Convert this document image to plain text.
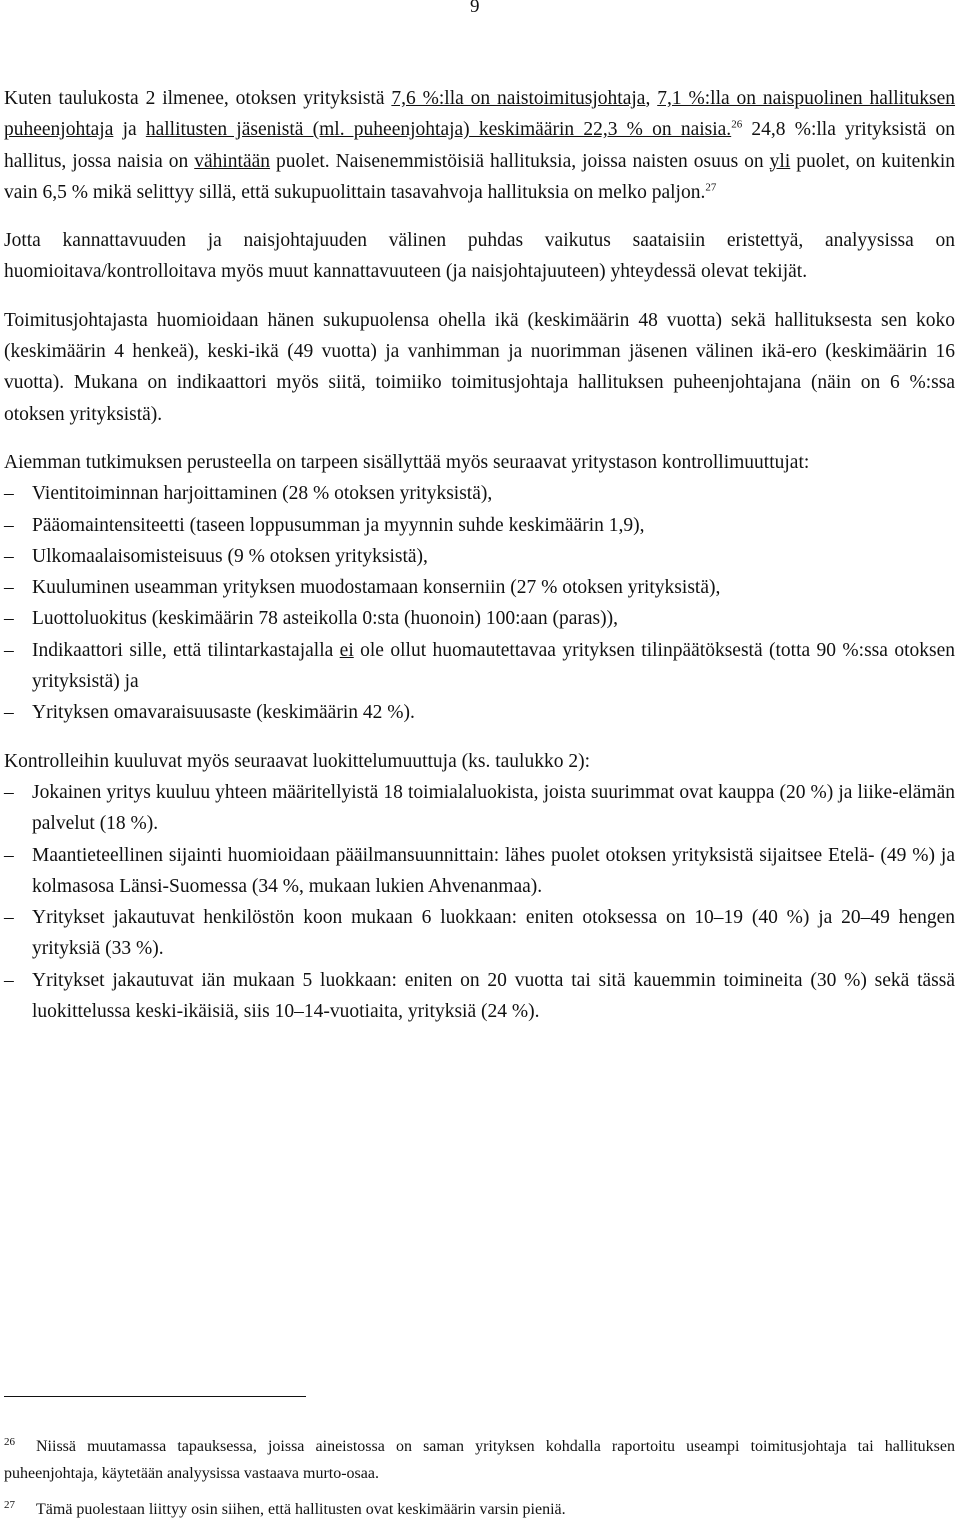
9

Kuten taulukosta 2 ilmenee, otoksen yrityksistä 7,6 %:lla on naistoimitusjohtaja, 7,1 %:lla on naispuolinen hallituksen puheenjohtaja ja hallitusten jäsenistä (ml. puheenjohtaja) keskimäärin 22,3 % on naisia.$^{26}$ 24,8 %:lla yrityksistä on hallitus, jossa naisia on vähintään puolet. Naisenemmistöisiä hallituksia, joissa naisten osuus on yli puolet, on kuitenkin vain 6,5 % mikä selittyy sillä, että sukupuolittain tasavahvoja hallituksia on melko paljon.$^{27}$

Jotta kannattavuuden ja naisjohtajuuden välinen puhdas vaikutus saataisiin eristettyä, analyysissa on huomioitava/kontrolloitava myös muut kannattavuuteen (ja naisjohtajuuteen) yhteydessä olevat tekijät.

Toimitusjohtajasta huomioidaan hänen sukupuolensa ohella ikä (keskimäärin 48 vuotta) sekä hallituksesta sen koko (keskimäärin 4 henkeä), keski-ikä (49 vuotta) ja vanhimman ja nuorimman jäsenen välinen ikä-ero (keskimäärin 16 vuotta). Mukana on indikaattori myös siitä, toimiiko toimitusjohtaja hallituksen puheenjohtajana (näin on 6 %:ssa otoksen yrityksistä).

Aiemman tutkimuksen perusteella on tarpeen sisällyttää myös seuraavat yritystason kontrollimuuttujat:

– Vientitoiminnan harjoittaminen (28 % otoksen yrityksistä),
– Pääomaintensiteetti (taseen loppusumman ja myynnin suhde keskimäärin 1,9),
– Ulkomaalaisomisteisuus (9 % otoksen yrityksistä),
– Kuuluminen useamman yrityksen muodostamaan konserniin (27 % otoksen yrityksistä),
– Luottoluokitus (keskimäärin 78 asteikolla 0:sta (huonoin) 100:aan (paras)),
– Indikaattori sille, että tilintarkastajalla ei ole ollut huomautettavaa yrityksen tilinpäätöksestä (totta 90 %:ssa otoksen yrityksistä) ja
– Yrityksen omavaraisuusaste (keskimäärin 42 %).

Kontrolleihin kuuluvat myös seuraavat luokittelumuuttuja (ks. taulukko 2):

– Jokainen yritys kuuluu yhteen määritellyistä 18 toimialaluokista, joista suurimmat ovat kauppa (20 %) ja liike-elämän palvelut (18 %).
– Maantieteellinen sijainti huomioidaan pääilmansuunnittain: lähes puolet otoksen yrityksistä sijaitsee Etelä- (49 %) ja kolmasosa Länsi-Suomessa (34 %, mukaan lukien Ahvenanmaa).
– Yritykset jakautuvat henkilöstön koon mukaan 6 luokkaan: eniten otoksessa on 10–19 (40 %) ja 20–49 hengen yrityksiä (33 %).
– Yritykset jakautuvat iän mukaan 5 luokkaan: eniten on 20 vuotta tai sitä kauemmin toimineita (30 %) sekä tässä luokittelussa keski-ikäisiä, siis 10–14-vuotiaita, yrityksiä (24 %).

26 Niissä muutamassa tapauksessa, joissa aineistossa on saman yrityksen kohdalla raportoitu useampi toimitusjohtaja tai hallituksen puheenjohtaja, käytetään analyysissa vastaava murto-osaa.

27 Tämä puolestaan liittyy osin siihen, että hallitusten ovat keskimäärin varsin pieniä.
